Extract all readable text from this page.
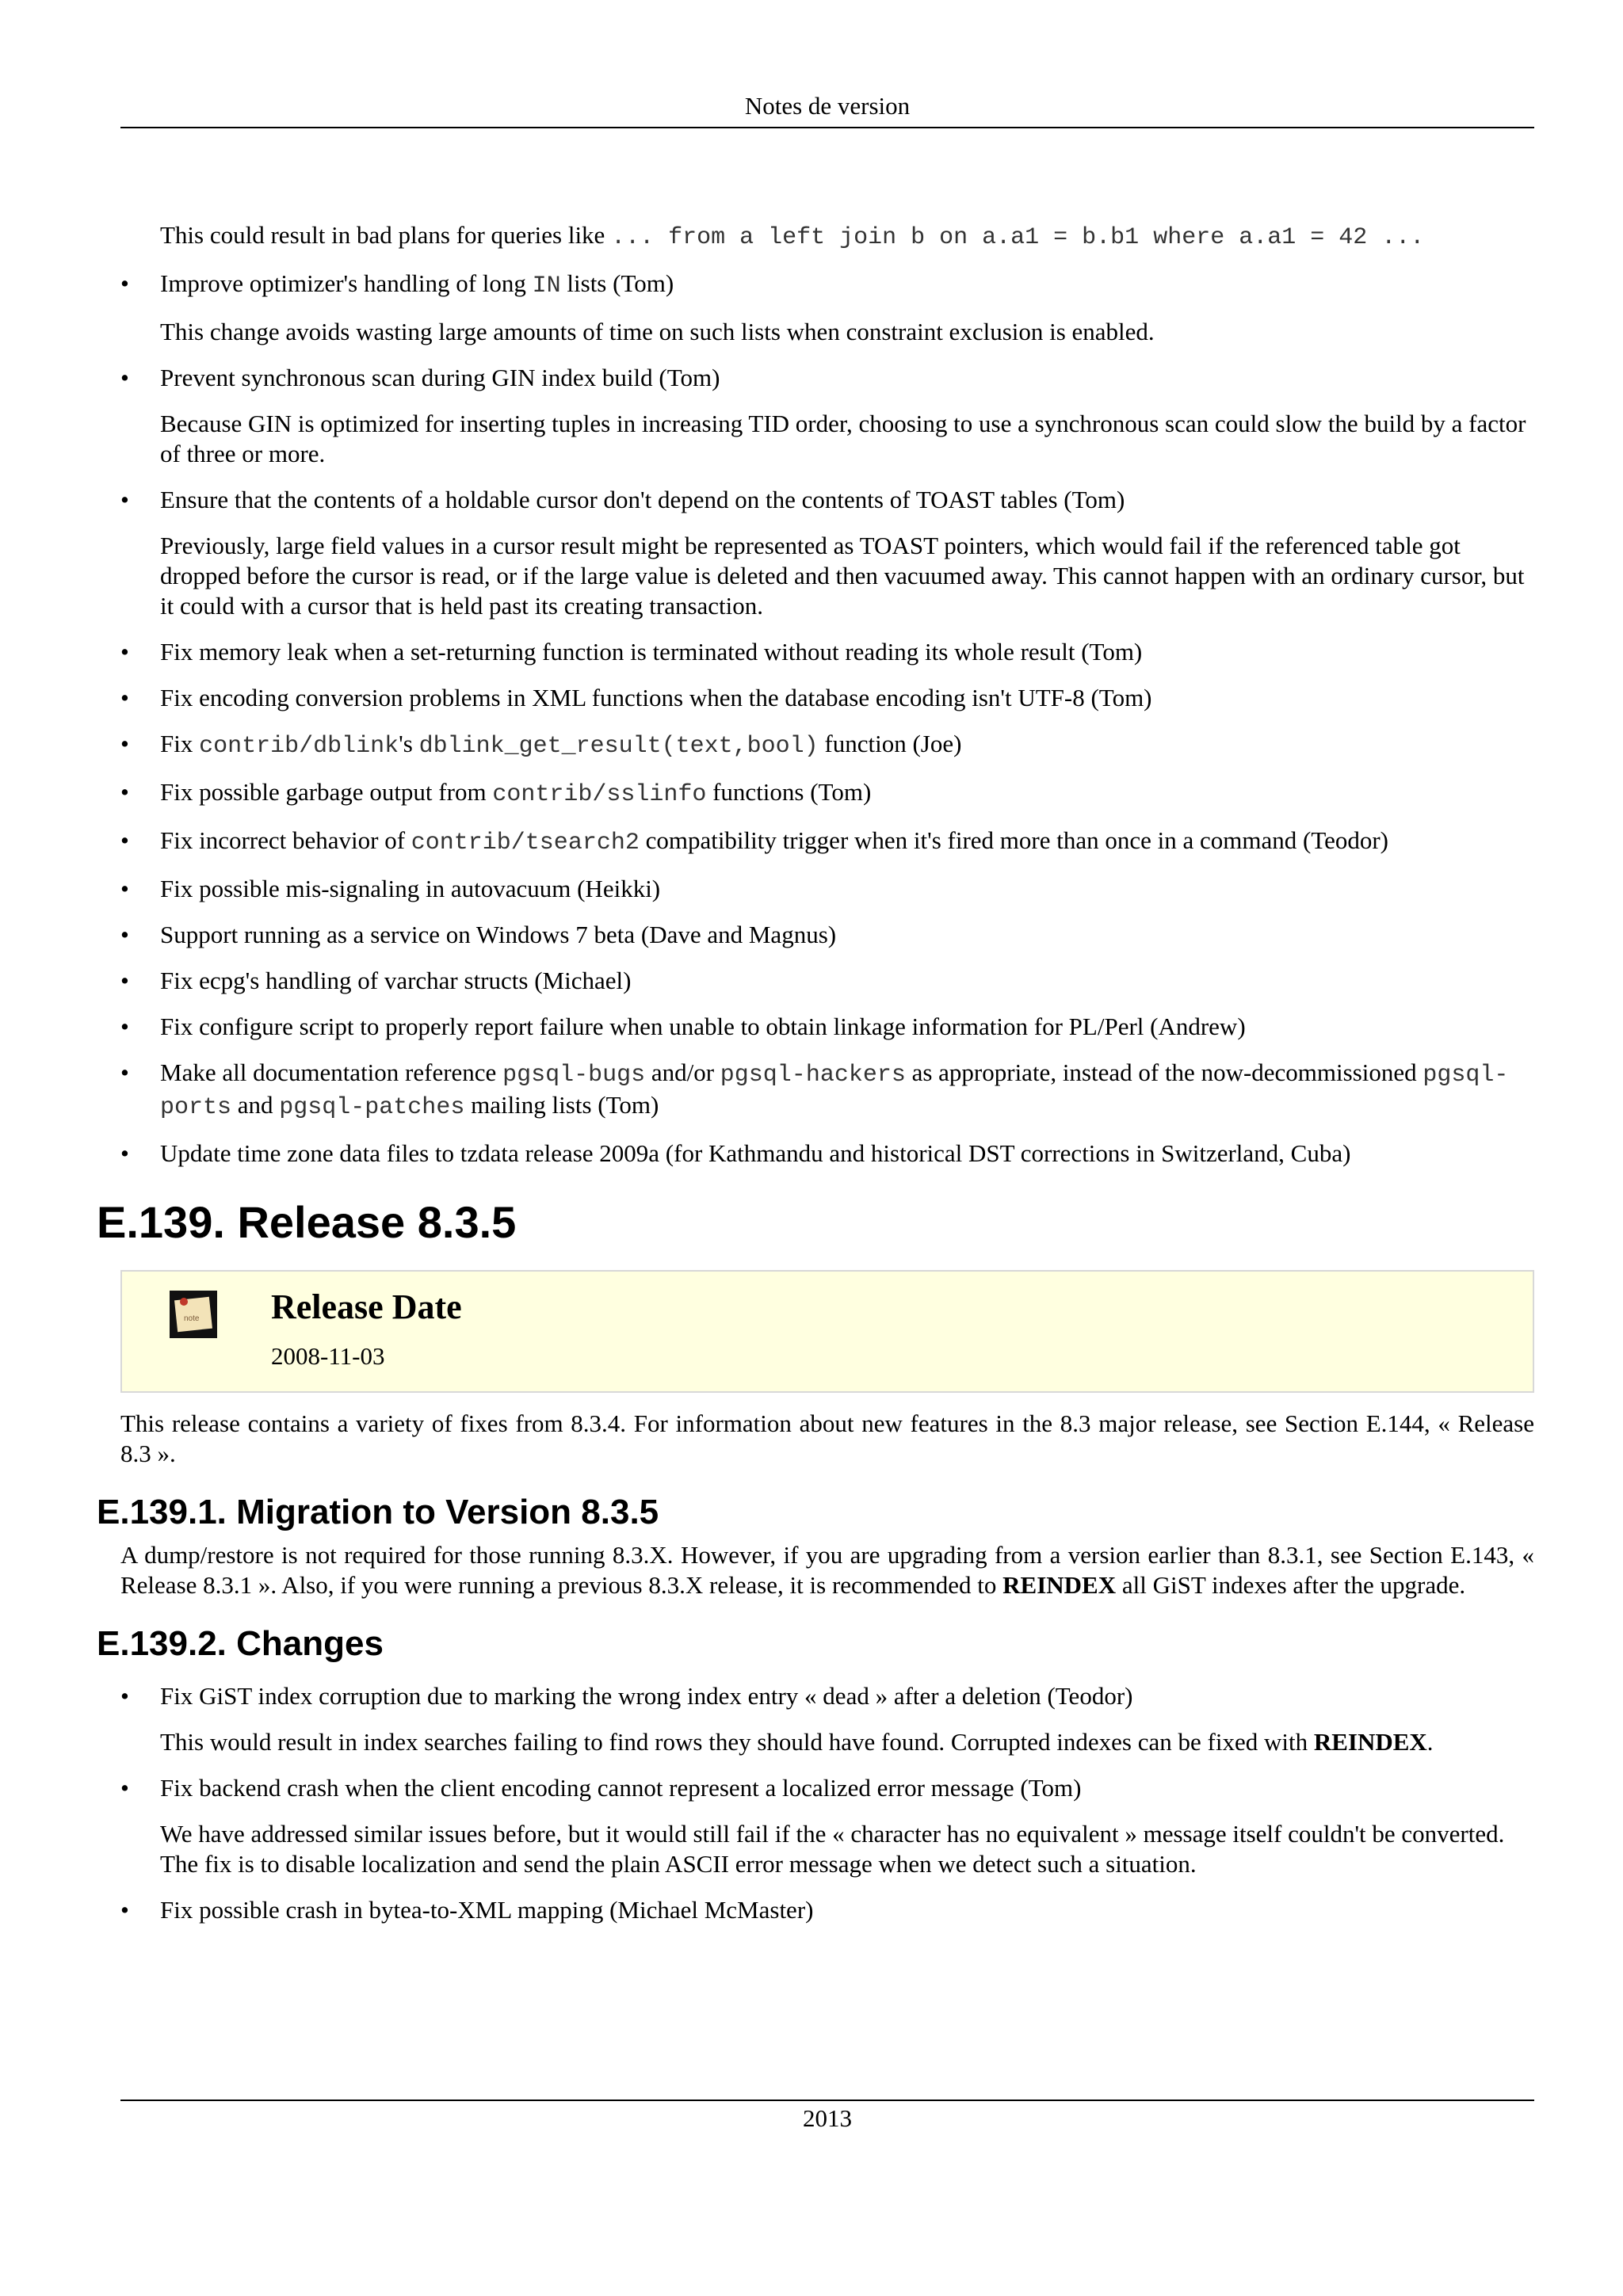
Notes de version
This could result in bad plans for queries like ... from a left join b on a.a1 = b.b1 where a.a1 = 42 ...
• Improve optimizer's handling of long IN lists (Tom)
This change avoids wasting large amounts of time on such lists when constraint exclusion is enabled.
• Prevent synchronous scan during GIN index build (Tom)
Because GIN is optimized for inserting tuples in increasing TID order, choosing to use a synchronous scan could slow the build by a factor of three or more.
• Ensure that the contents of a holdable cursor don't depend on the contents of TOAST tables (Tom)
Previously, large field values in a cursor result might be represented as TOAST pointers, which would fail if the referenced table got dropped before the cursor is read, or if the large value is deleted and then vacuumed away. This cannot happen with an ordinary cursor, but it could with a cursor that is held past its creating transaction.
• Fix memory leak when a set-returning function is terminated without reading its whole result (Tom)
• Fix encoding conversion problems in XML functions when the database encoding isn't UTF-8 (Tom)
• Fix contrib/dblink's dblink_get_result(text,bool) function (Joe)
• Fix possible garbage output from contrib/sslinfo functions (Tom)
• Fix incorrect behavior of contrib/tsearch2 compatibility trigger when it's fired more than once in a command (Teodor)
• Fix possible mis-signaling in autovacuum (Heikki)
• Support running as a service on Windows 7 beta (Dave and Magnus)
• Fix ecpg's handling of varchar structs (Michael)
• Fix configure script to properly report failure when unable to obtain linkage information for PL/Perl (Andrew)
• Make all documentation reference pgsql-bugs and/or pgsql-hackers as appropriate, instead of the now-decommissioned pgsql-ports and pgsql-patches mailing lists (Tom)
• Update time zone data files to tzdata release 2009a (for Kathmandu and historical DST corrections in Switzerland, Cuba)
E.139. Release 8.3.5
note Release Date
2008-11-03
This release contains a variety of fixes from 8.3.4. For information about new features in the 8.3 major release, see Section E.144, « Release 8.3 ».
E.139.1. Migration to Version 8.3.5
A dump/restore is not required for those running 8.3.X. However, if you are upgrading from a version earlier than 8.3.1, see Section E.143, « Release 8.3.1 ». Also, if you were running a previous 8.3.X release, it is recommended to REINDEX all GiST indexes after the upgrade.
E.139.2. Changes
• Fix GiST index corruption due to marking the wrong index entry « dead » after a deletion (Teodor)
This would result in index searches failing to find rows they should have found. Corrupted indexes can be fixed with REINDEX.
• Fix backend crash when the client encoding cannot represent a localized error message (Tom)
We have addressed similar issues before, but it would still fail if the « character has no equivalent » message itself couldn't be converted. The fix is to disable localization and send the plain ASCII error message when we detect such a situation.
• Fix possible crash in bytea-to-XML mapping (Michael McMaster)
2013
